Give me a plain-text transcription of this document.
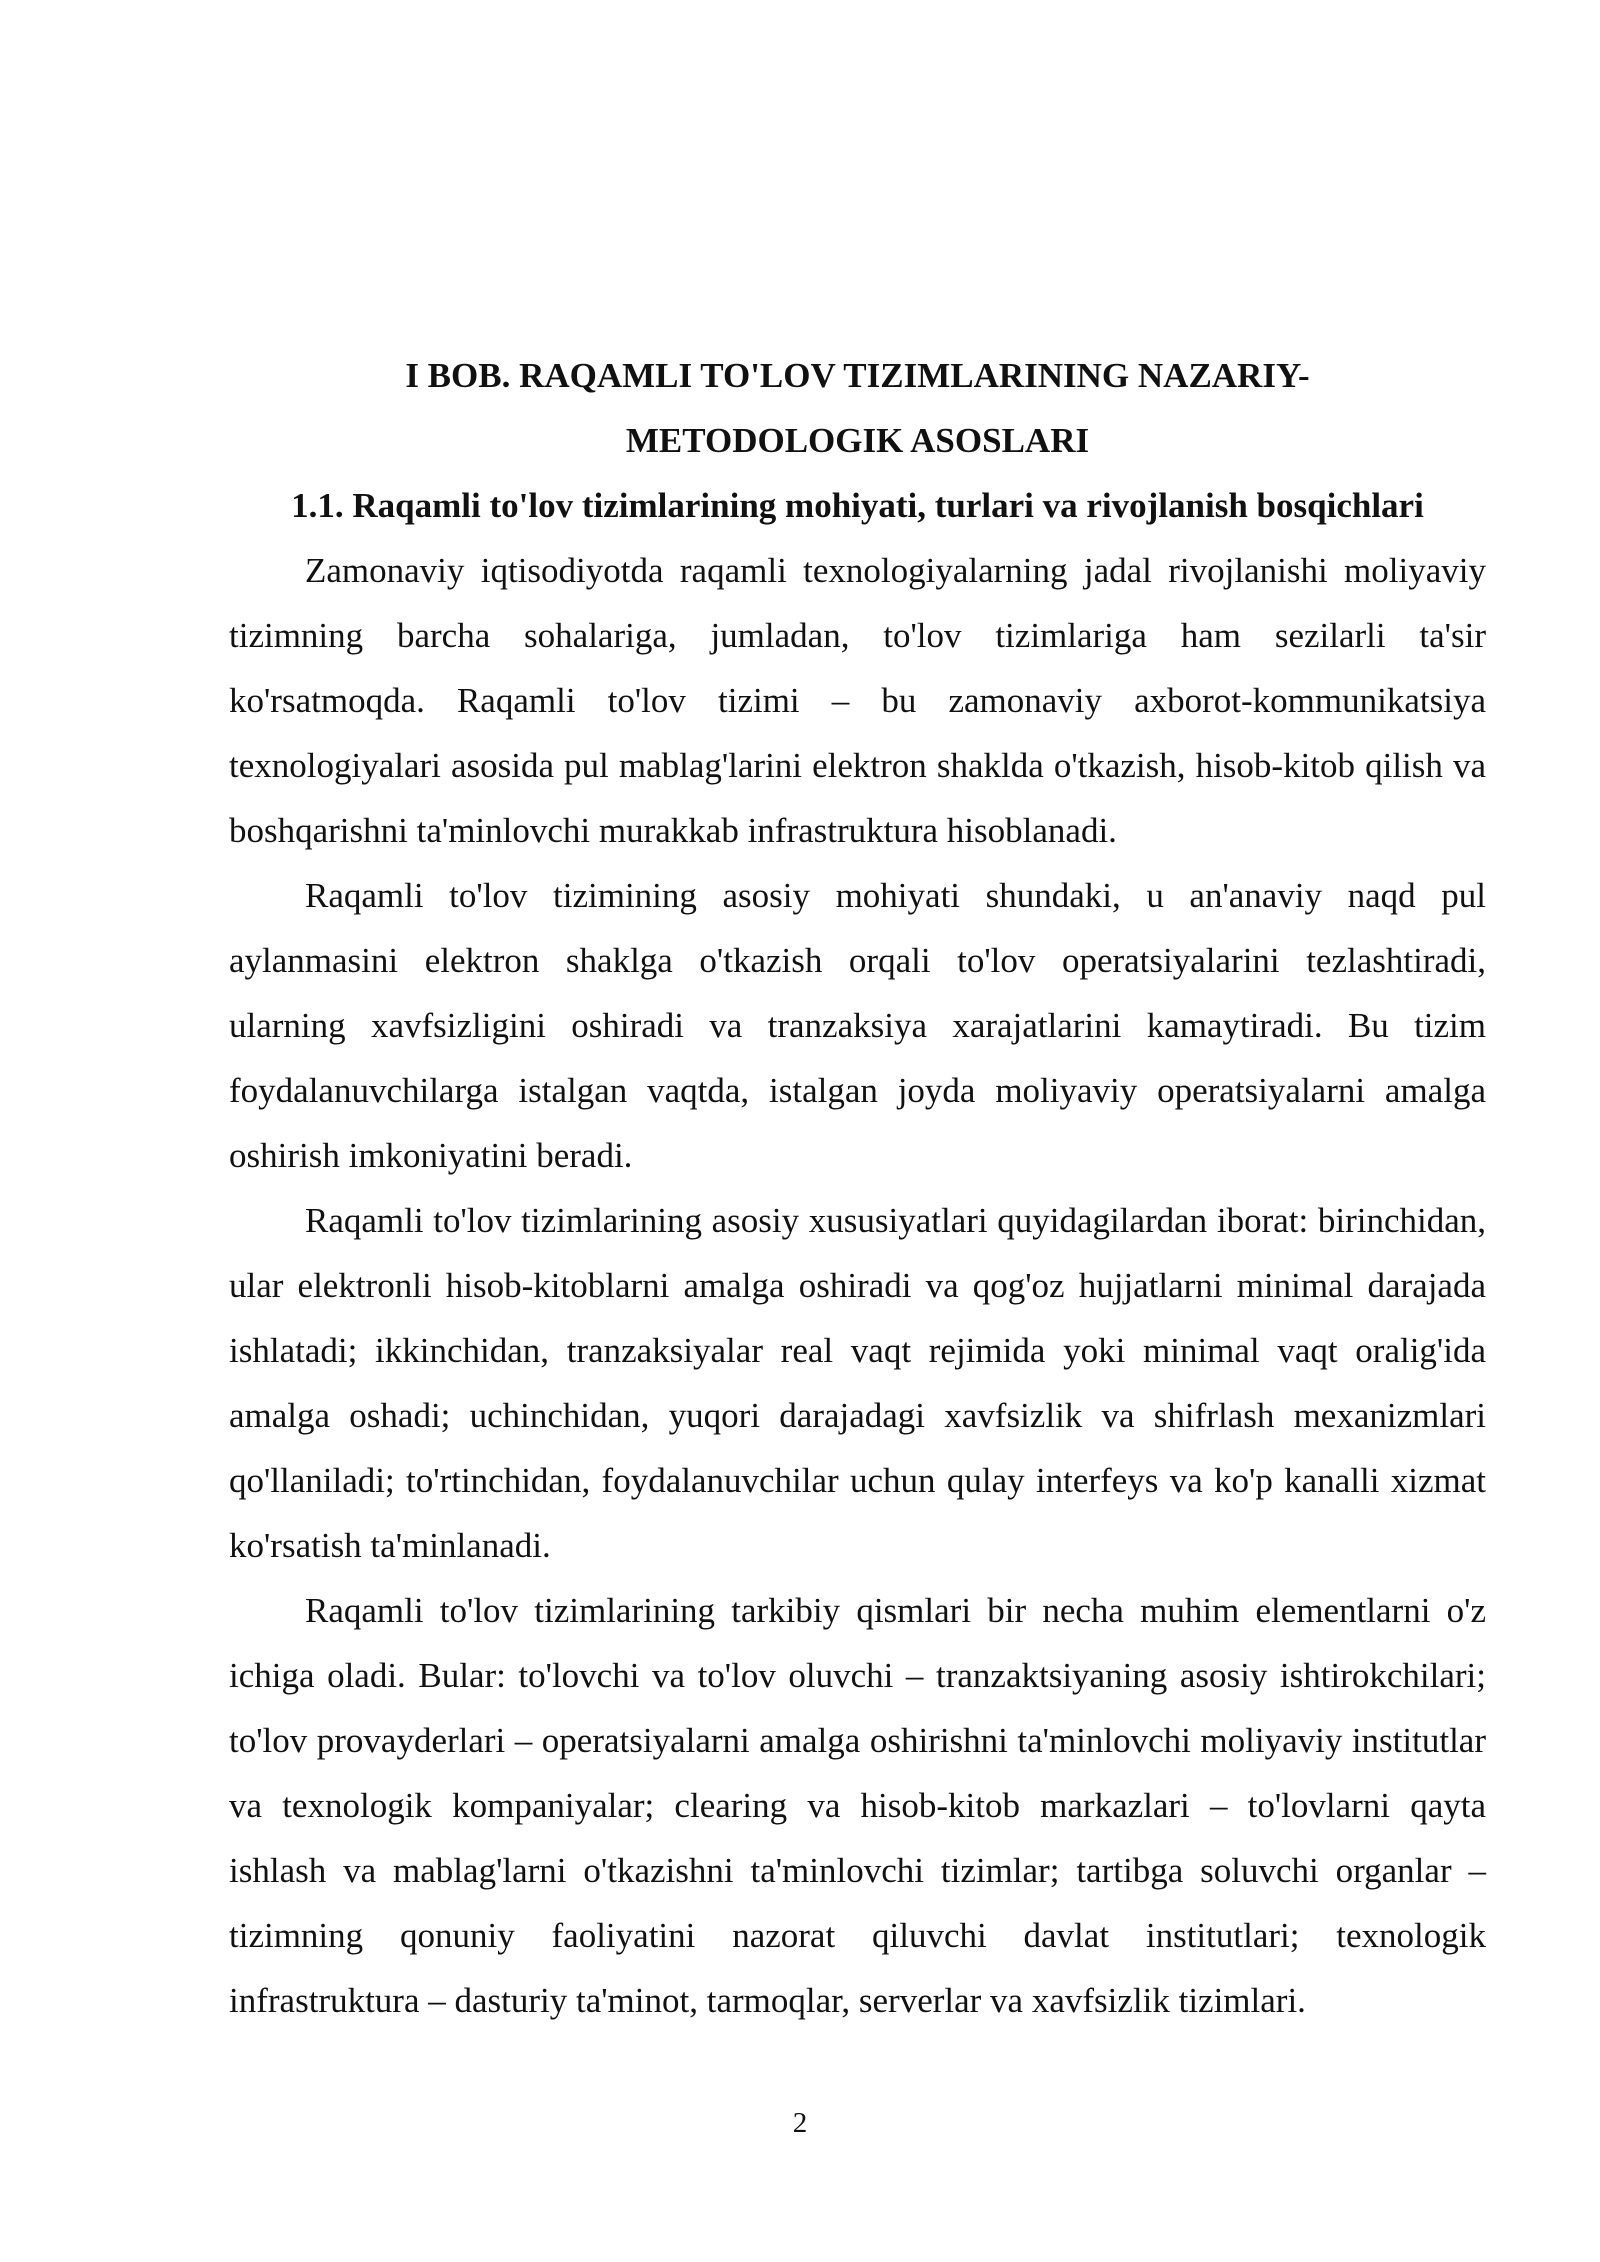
I BOB. RAQAMLI TO'LOV TIZIMLARINING NAZARIY-
METODOLOGIK ASOSLARI
1.1. Raqamli to'lov tizimlarining mohiyati, turlari va rivojlanish bosqichlari

Zamonaviy iqtisodiyotda raqamli texnologiyalarning jadal rivojlanishi moliyaviy tizimning barcha sohalariga, jumladan, to'lov tizimlariga ham sezilarli ta'sir ko'rsatmoqda. Raqamli to'lov tizimi – bu zamonaviy axborot-kommunikatsiya texnologiyalari asosida pul mablag'larini elektron shaklda o'tkazish, hisob-kitob qilish va boshqarishni ta'minlovchi murakkab infrastruktura hisoblanadi.

Raqamli to'lov tizimining asosiy mohiyati shundaki, u an'anaviy naqd pul aylanmasini elektron shaklga o'tkazish orqali to'lov operatsiyalarini tezlashtiradi, ularning xavfsizligini oshiradi va tranzaksiya xarajatlarini kamaytiradi. Bu tizim foydalanuvchilarga istalgan vaqtda, istalgan joyda moliyaviy operatsiyalarni amalga oshirish imkoniyatini beradi.

Raqamli to'lov tizimlarining asosiy xususiyatlari quyidagilardan iborat: birinchidan, ular elektronli hisob-kitoblarni amalga oshiradi va qog'oz hujjatlarni minimal darajada ishlatadi; ikkinchidan, tranzaksiyalar real vaqt rejimida yoki minimal vaqt oralig'ida amalga oshadi; uchinchidan, yuqori darajadagi xavfsizlik va shifrlash mexanizmlari qo'llaniladi; to'rtinchidan, foydalanuvchilar uchun qulay interfeys va ko'p kanalli xizmat ko'rsatish ta'minlanadi.

Raqamli to'lov tizimlarining tarkibiy qismlari bir necha muhim elementlarni o'z ichiga oladi. Bular: to'lovchi va to'lov oluvchi – tranzaktsiyaning asosiy ishtirokchilari; to'lov provayderlari – operatsiyalarni amalga oshirishni ta'minlovchi moliyaviy institutlar va texnologik kompaniyalar; clearing va hisob-kitob markazlari – to'lovlarni qayta ishlash va mablag'larni o'tkazishni ta'minlovchi tizimlar; tartibga soluvchi organlar – tizimning qonuniy faoliyatini nazorat qiluvchi davlat institutlari; texnologik infrastruktura – dasturiy ta'minot, tarmoqlar, serverlar va xavfsizlik tizimlari.

2
